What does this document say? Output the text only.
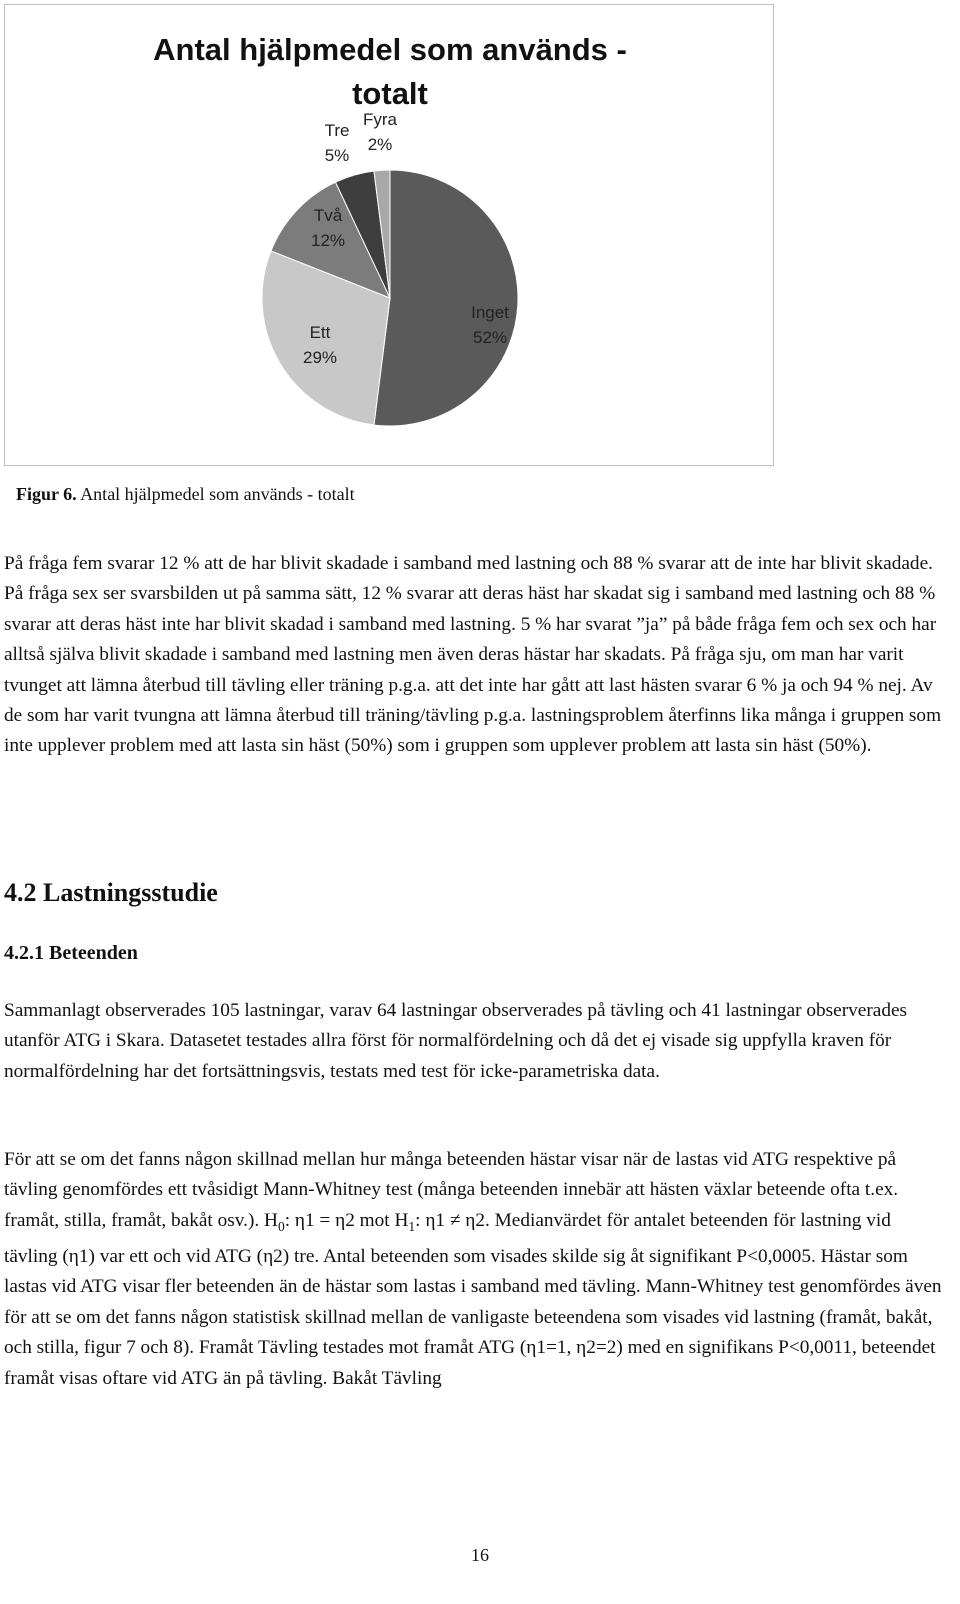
Antal hjälpmedel som används -
totalt
Inget
52%
Ett
29%
Två
12%
Tre
5%
Fyra
2%
Figur 6. Antal hjälpmedel som används - totalt

På fråga fem svarar 12 % att de har blivit skadade i samband med lastning och 88 % svarar att de inte har blivit skadade. På fråga sex ser svarsbilden ut på samma sätt, 12 % svarar att deras häst har skadat sig i samband med lastning och 88 % svarar att deras häst inte har blivit skadad i samband med lastning. 5 % har svarat ”ja” på både fråga fem och sex och har alltså själva blivit skadade i samband med lastning men även deras hästar har skadats. På fråga sju, om man har varit tvunget att lämna återbud till tävling eller träning p.g.a. att det inte har gått att last hästen svarar 6 % ja och 94 % nej. Av de som har varit tvungna att lämna återbud till träning/tävling p.g.a. lastningsproblem återfinns lika många i gruppen som inte upplever problem med att lasta sin häst (50%) som i gruppen som upplever problem att lasta sin häst (50%).

4.2 Lastningsstudie
4.2.1 Beteenden

Sammanlagt observerades 105 lastningar, varav 64 lastningar observerades på tävling och 41 lastningar observerades utanför ATG i Skara. Datasetet testades allra först för normalfördelning och då det ej visade sig uppfylla kraven för normalfördelning har det fortsättningsvis, testats med test för icke-parametriska data.

För att se om det fanns någon skillnad mellan hur många beteenden hästar visar när de lastas vid ATG respektive på tävling genomfördes ett tvåsidigt Mann-Whitney test (många beteenden innebär att hästen växlar beteende ofta t.ex. framåt, stilla, framåt, bakåt osv.). $H_0$: η1 = η2 mot $H_1$: η1 ≠ η2. Medianvärdet för antalet beteenden för lastning vid tävling (η1) var ett och vid ATG (η2) tre. Antal beteenden som visades skilde sig åt signifikant P<0,0005. Hästar som lastas vid ATG visar fler beteenden än de hästar som lastas i samband med tävling. Mann-Whitney test genomfördes även för att se om det fanns någon statistisk skillnad mellan de vanligaste beteendena som visades vid lastning (framåt, bakåt, och stilla, figur 7 och 8). Framåt Tävling testades mot framåt ATG (η1=1, η2=2) med en signifikans P<0,0011, beteendet framåt visas oftare vid ATG än på tävling. Bakåt Tävling

16
